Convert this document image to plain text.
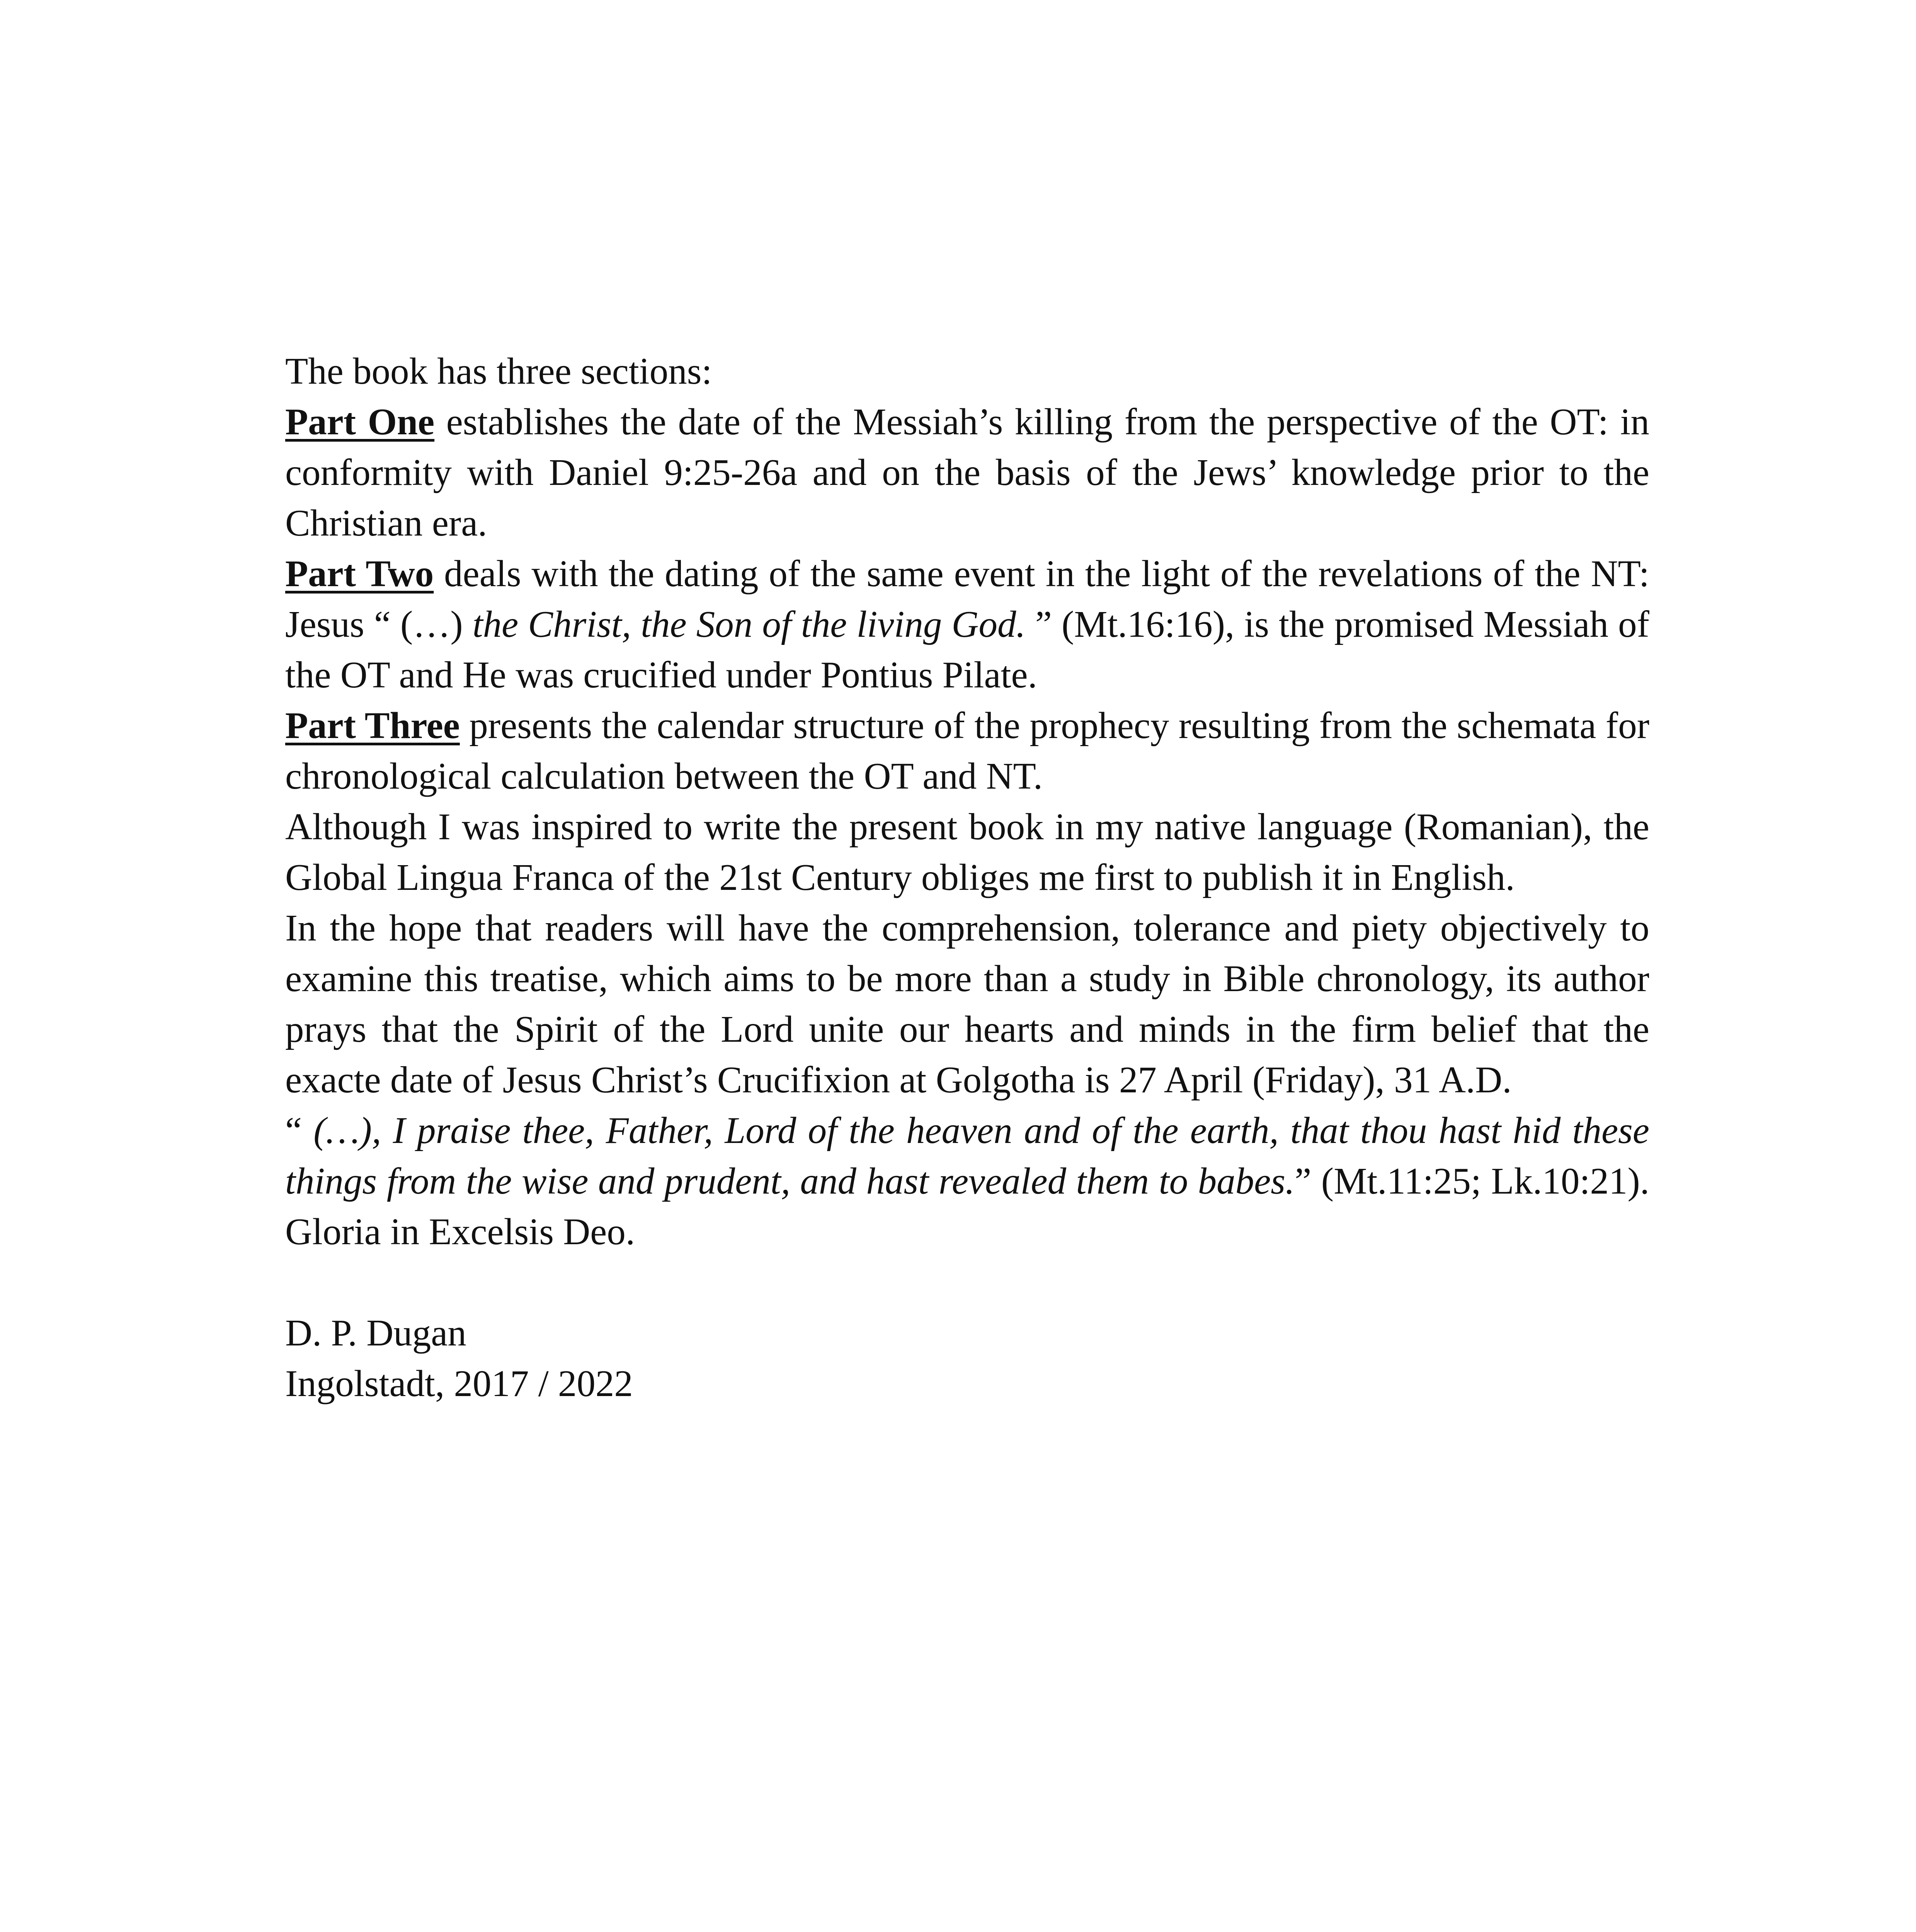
The book has three sections:

Part One establishes the date of the Messiah’s killing from the perspective of the OT: in conformity with Daniel 9:25-26a and on the basis of the Jews’ knowledge prior to the Christian era.

Part Two deals with the dating of the same event in the light of the revelations of the NT: Jesus “ (…) the Christ, the Son of the living God. ” (Mt.16:16), is the promised Messiah of the OT and He was crucified under Pontius Pilate.

Part Three presents the calendar structure of the prophecy resulting from the schemata for chronological calculation between the OT and NT.

Although I was inspired to write the present book in my native language (Romanian), the Global Lingua Franca of the 21st Century obliges me first to publish it in English.

In the hope that readers will have the comprehension, tolerance and piety objectively to examine this treatise, which aims to be more than a study in Bible chronology, its author prays that the Spirit of the Lord unite our hearts and minds in the firm belief that the exacte date of Jesus Christ’s Crucifixion at Golgotha is 27 April (Friday), 31 A.D.

“ (…), I praise thee, Father, Lord of the heaven and of the earth, that thou hast hid these things from the wise and prudent, and hast revealed them to babes.” (Mt.11:25; Lk.10:21). Gloria in Excelsis Deo.

D. P. Dugan

Ingolstadt, 2017 / 2022
